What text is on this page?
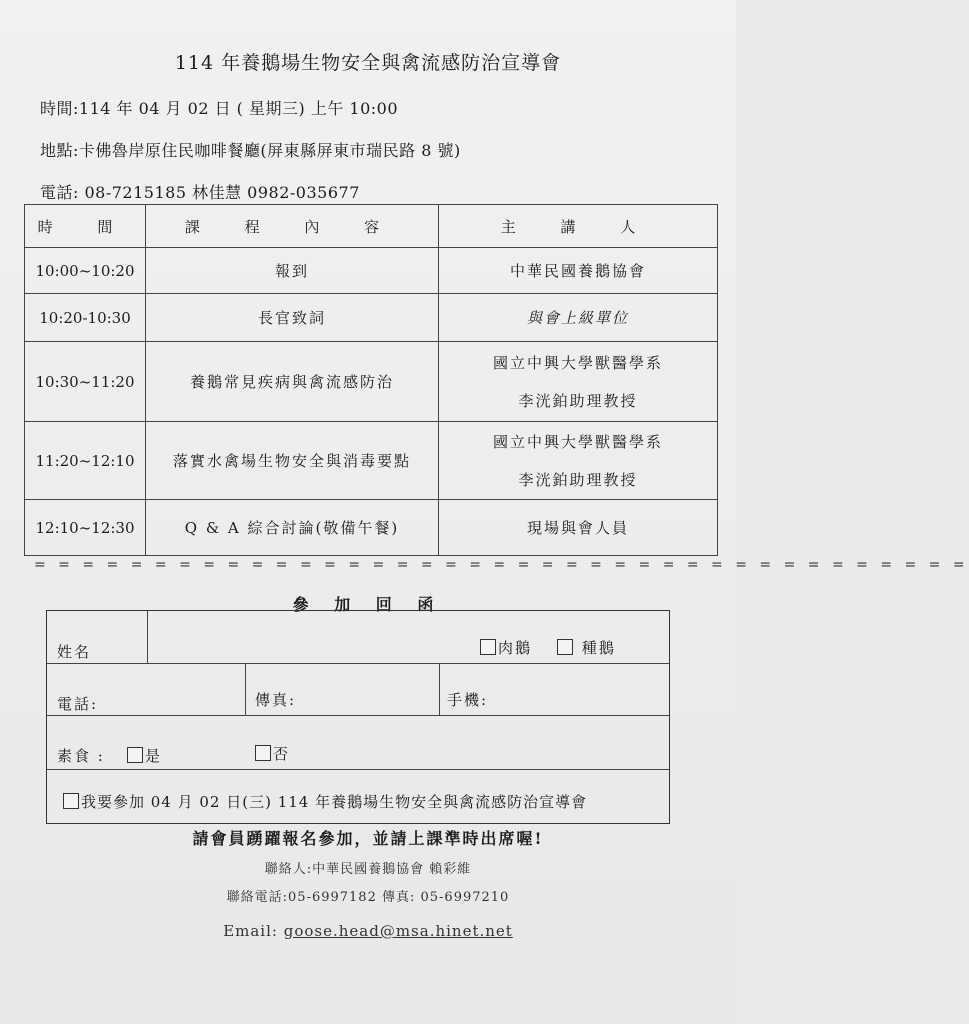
114 年養鵝場生物安全與禽流感防治宣導會
時間:114 年 04 月 02 日 ( 星期三) 上午 10:00
地點:卡佛魯岸原住民咖啡餐廳(屏東縣屏東市瑞民路 8 號)
電話: 08-7215185 林佳慧 0982-035677
時 間	課 程 內 容	主 講 人
10:00~10:20	報到	中華民國養鵝協會
10:20-10:30	長官致詞	與會上級單位
10:30~11:20	養鵝常見疾病與禽流感防治	國立中興大學獸醫學系
李洸鉑助理教授

11:20~12:10	落實水禽場生物安全與消毒要點	國立中興大學獸醫學系
李洸鉑助理教授

12:10~12:30	Q & A 綜合討論(敬備午餐)	現場與會人員
= = = = = = = = = = = = = = = = = = = = = = = = = = = = = = = = = = = = = = =
參 加 回 函
姓名	肉鵝	種鵝
電話:	傳真:	手機:
素食 :	是	否
我要參加 04 月 02 日(三) 114 年養鵝場生物安全與禽流感防治宣導會
請會員踴躍報名參加，並請上課準時出席喔!
聯絡人:中華民國養鵝協會 賴彩維
聯絡電話:05-6997182 傳真: 05-6997210
Email: goose.head@msa.hinet.net
